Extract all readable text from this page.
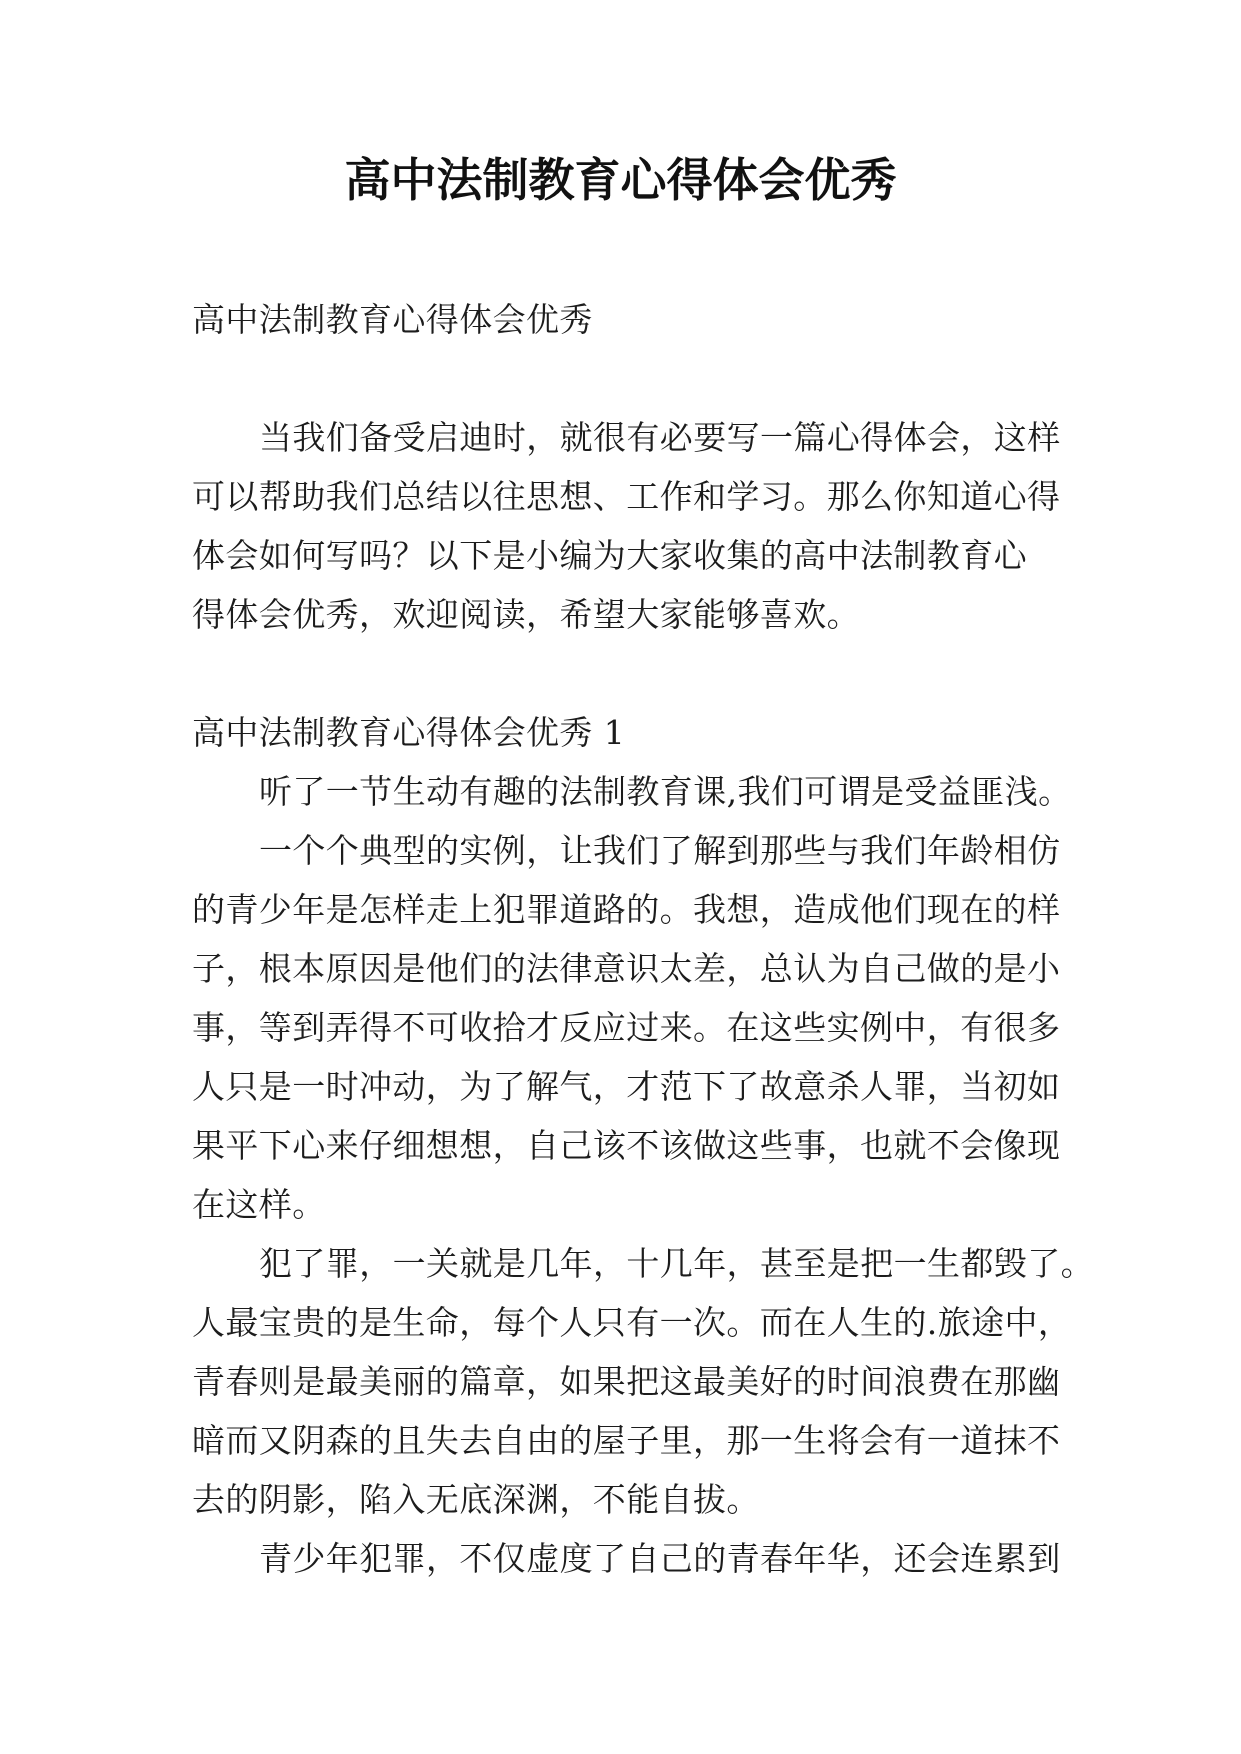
高中法制教育心得体会优秀
高中法制教育心得体会优秀
当我们备受启迪时，就很有必要写一篇心得体会，这样
可以帮助我们总结以往思想、工作和学习。那么你知道心得
体会如何写吗？以下是小编为大家收集的高中法制教育心
得体会优秀，欢迎阅读，希望大家能够喜欢。
高中法制教育心得体会优秀 1
听了一节生动有趣的法制教育课,我们可谓是受益匪浅。
一个个典型的实例，让我们了解到那些与我们年龄相仿
的青少年是怎样走上犯罪道路的。我想，造成他们现在的样
子，根本原因是他们的法律意识太差，总认为自己做的是小
事，等到弄得不可收拾才反应过来。在这些实例中，有很多
人只是一时冲动，为了解气，才范下了故意杀人罪，当初如
果平下心来仔细想想，自己该不该做这些事，也就不会像现
在这样。
犯了罪，一关就是几年，十几年，甚至是把一生都毁了。
人最宝贵的是生命，每个人只有一次。而在人生的.旅途中，
青春则是最美丽的篇章，如果把这最美好的时间浪费在那幽
暗而又阴森的且失去自由的屋子里，那一生将会有一道抹不
去的阴影，陷入无底深渊，不能自拔。
青少年犯罪，不仅虚度了自己的青春年华，还会连累到
